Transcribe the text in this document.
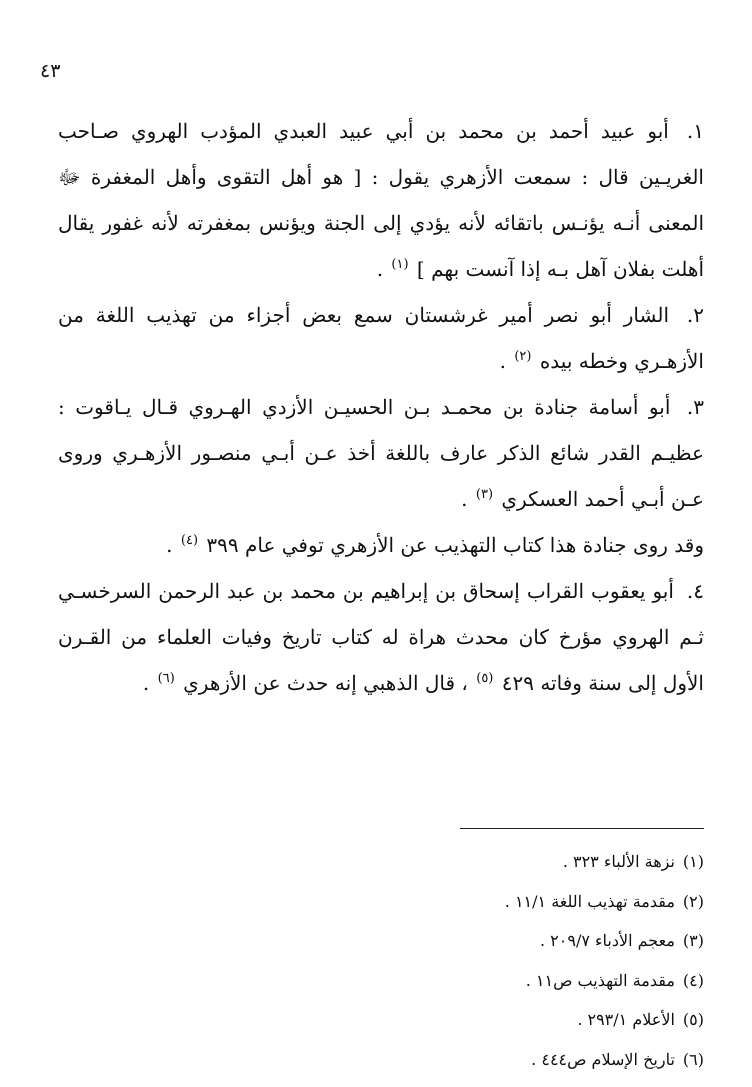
٤٣

١. أبو عبيد أحمد بن محمد بن أبي عبيد العبدي المؤدب الهروي صـاحب الغريـين قال : سمعت الأزهري يقول : [ هو أهل التقوى وأهل المغفرة ﷻ المعنى أنـه يؤنـس باتقائه لأنه يؤدي إلى الجنة ويؤنس بمغفرته لأنه غفور يقال أهلت بفلان آهل بـه إذا آنست بهم ] $^{(١)}$ .

٢. الشار أبو نصر أمير غرشستان سمع بعض أجزاء من تهذيب اللغة من الأزهـري وخطه بيده $^{(٢)}$ .

٣. أبو أسامة جنادة بن محمـد بـن الحسيـن الأزدي الهـروي قـال يـاقوت : عظيـم القدر شائع الذكر عارف باللغة أخذ عـن أبـي منصـور الأزهـري وروى عـن أبـي أحمد العسكري $^{(٣)}$ .

وقد روى جنادة هذا كتاب التهذيب عن الأزهري توفي عام ٣٩٩ $^{(٤)}$ .

٤. أبو يعقوب القراب إسحاق بن إبراهيم بن محمد بن عبد الرحمن السرخسـي ثـم الهروي مؤرخ كان محدث هراة له كتاب تاريخ وفيات العلماء من القـرن الأول إلى سنة وفاته ٤٢٩ $^{(٥)}$ ، قال الذهبي إنه حدث عن الأزهري $^{(٦)}$ .

(١)نزهة الألباء ٣٢٣ .

(٢)مقدمة تهذيب اللغة ١١/١ .

(٣)معجم الأدباء ٢٠٩/٧ .

(٤)مقدمة التهذيب ص١١ .

(٥)الأعلام ٢٩٣/١ .

(٦)تاريخ الإسلام ص٤٤٤ .
